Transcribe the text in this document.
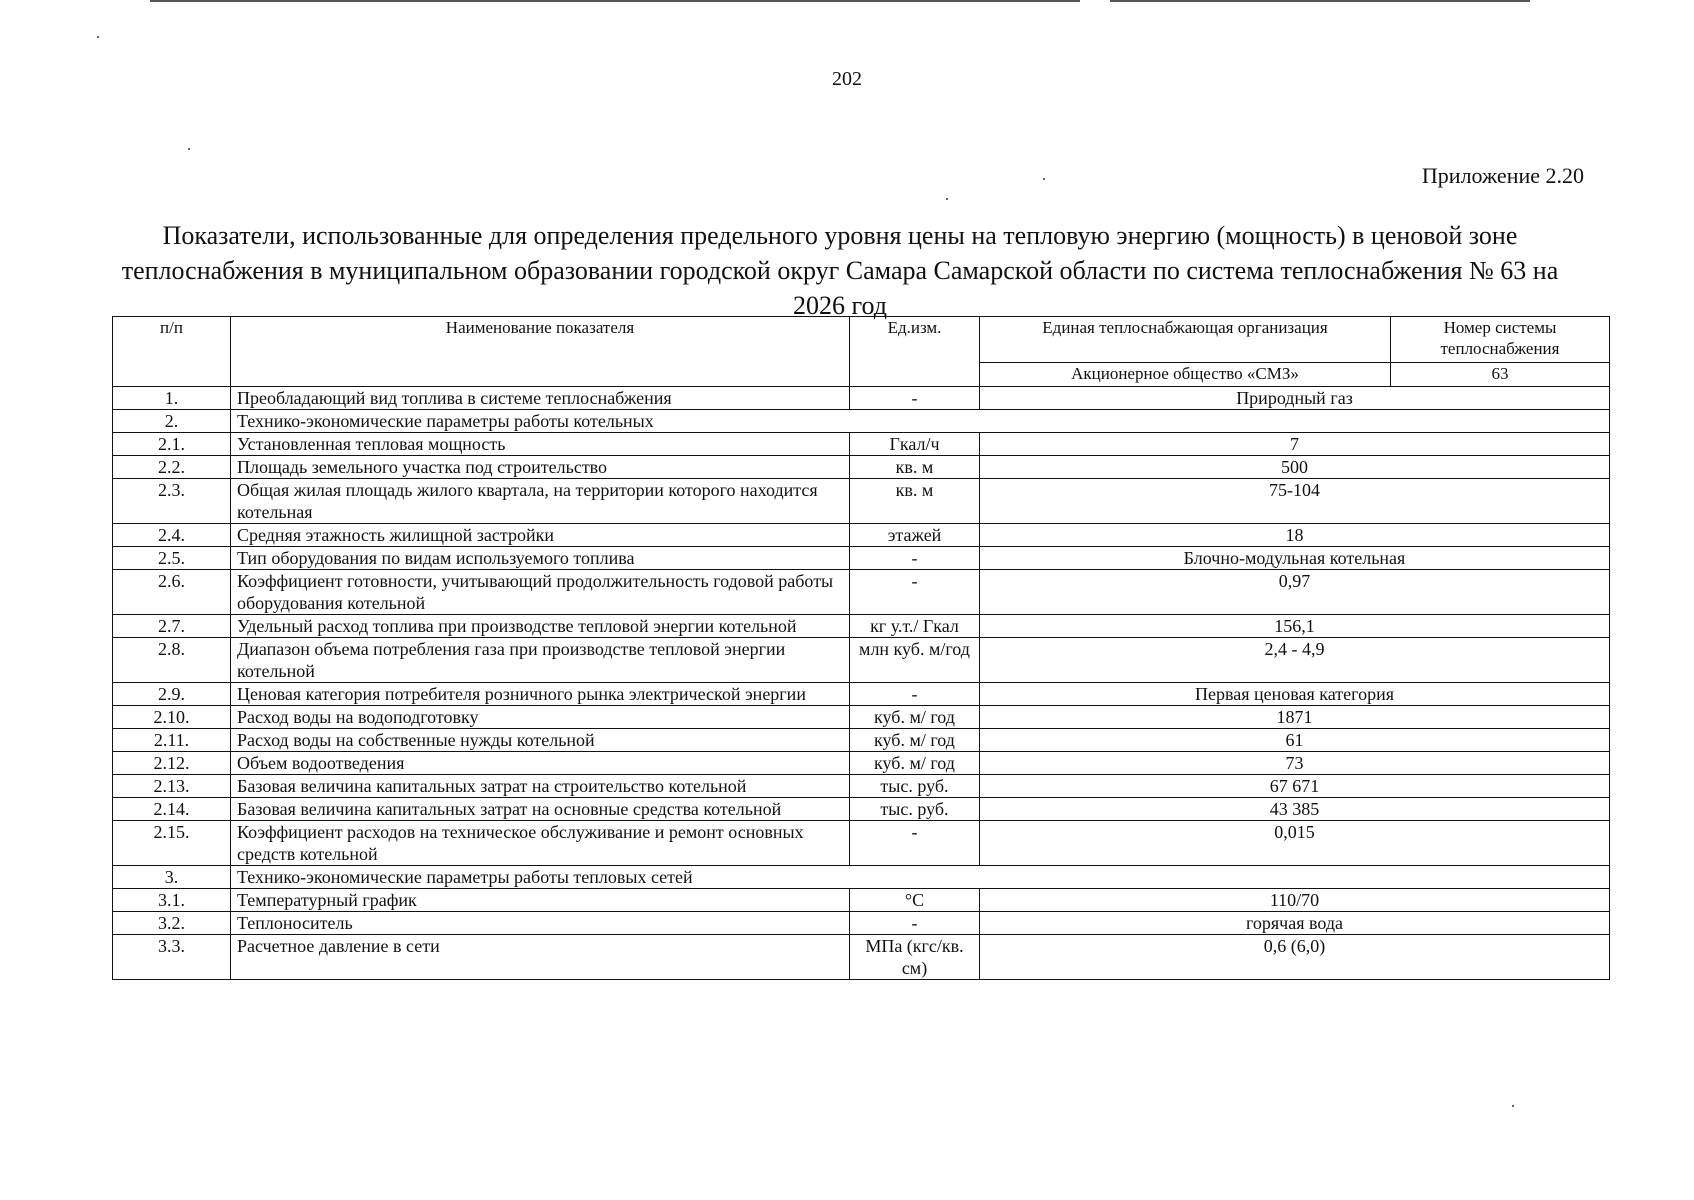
202
Приложение 2.20
Показатели, использованные для определения предельного уровня цены на тепловую энергию (мощность) в ценовой зоне теплоснабжения в муниципальном образовании городской округ Самара Самарской области по система теплоснабжения № 63 на 2026 год
п/п	Наименование показателя	Ед.изм.	Единая теплоснабжающая организация	Номер системы теплоснабжения
			Акционерное общество «СМЗ»	63
1.	Преобладающий вид топлива в системе теплоснабжения	-	Природный газ	
2.	Технико-экономические параметры работы котельных			
2.1.	Установленная тепловая мощность	Гкал/ч	7	
2.2.	Площадь земельного участка под строительство	кв. м	500	
2.3.	Общая жилая площадь жилого квартала, на территории которого находится котельная	кв. м	75-104	
2.4.	Средняя этажность жилищной застройки	этажей	18	
2.5.	Тип оборудования по видам используемого топлива	-	Блочно-модульная котельная	
2.6.	Коэффициент готовности, учитывающий продолжительность годовой работы оборудования котельной	-	0,97	
2.7.	Удельный расход топлива при производстве тепловой энергии котельной	кг у.т./ Гкал	156,1	
2.8.	Диапазон объема потребления газа при производстве тепловой энергии котельной	млн куб. м/год	2,4 - 4,9	
2.9.	Ценовая категория потребителя розничного рынка электрической энергии	-	Первая ценовая категория	
2.10.	Расход воды на водоподготовку	куб. м/ год	1871	
2.11.	Расход воды на собственные нужды котельной	куб. м/ год	61	
2.12.	Объем водоотведения	куб. м/ год	73	
2.13.	Базовая величина капитальных затрат на строительство котельной	тыс. руб.	67 671	
2.14.	Базовая величина капитальных затрат на основные средства котельной	тыс. руб.	43 385	
2.15.	Коэффициент расходов на техническое обслуживание и ремонт основных средств котельной	-	0,015	
3.	Технико-экономические параметры работы тепловых сетей			
3.1.	Температурный график	°С	110/70	
3.2.	Теплоноситель	-	горячая вода	
3.3.	Расчетное давление в сети	МПа (кгс/кв. см)	0,6 (6,0)	
